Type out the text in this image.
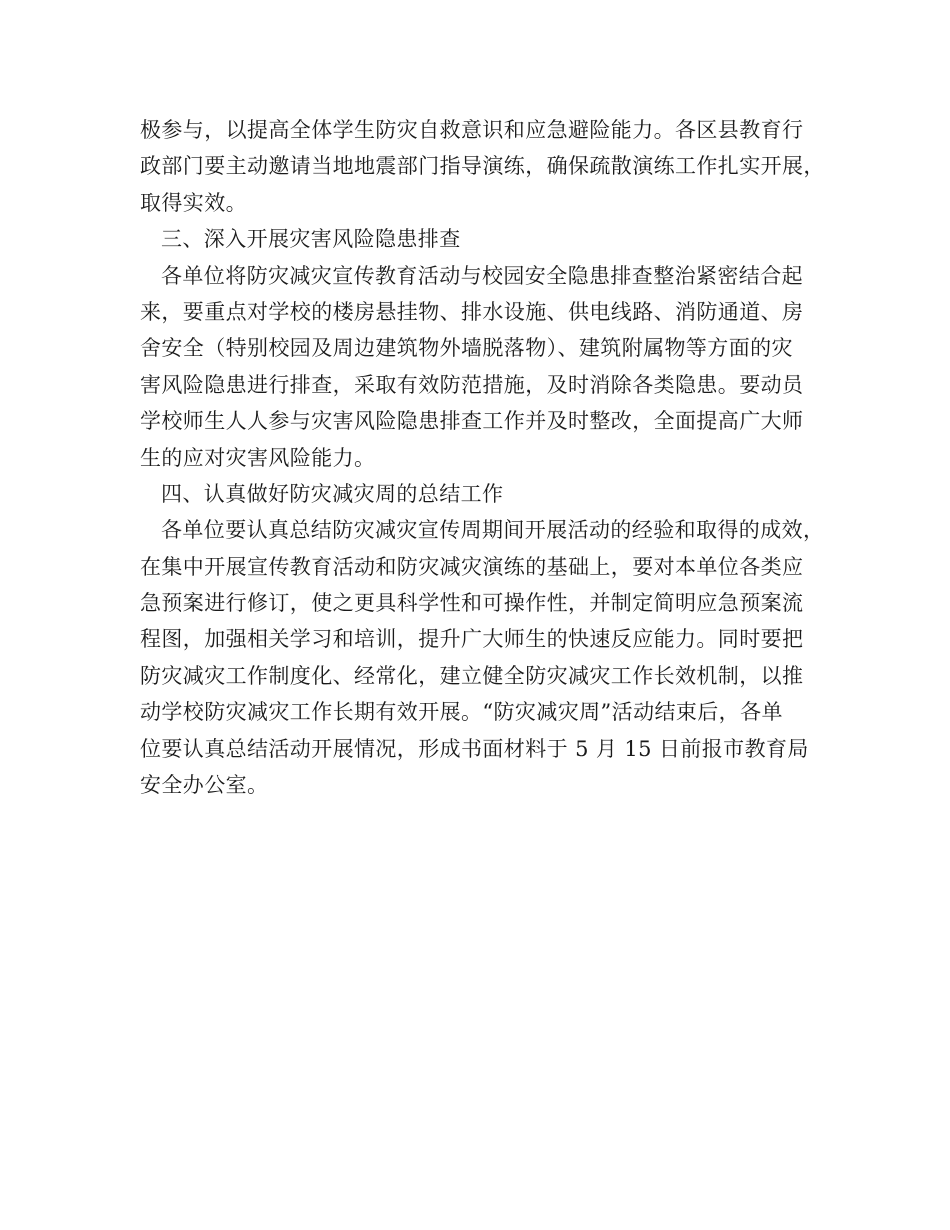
极参与，以提高全体学生防灾自救意识和应急避险能力。各区县教育行
政部门要主动邀请当地地震部门指导演练，确保疏散演练工作扎实开展，
取得实效。
三、深入开展灾害风险隐患排查
各单位将防灾减灾宣传教育活动与校园安全隐患排查整治紧密结合起
来，要重点对学校的楼房悬挂物、排水设施、供电线路、消防通道、房
舍安全（特别校园及周边建筑物外墙脱落物）、建筑附属物等方面的灾
害风险隐患进行排查，采取有效防范措施，及时消除各类隐患。要动员
学校师生人人参与灾害风险隐患排查工作并及时整改，全面提高广大师
生的应对灾害风险能力。
四、认真做好防灾减灾周的总结工作
各单位要认真总结防灾减灾宣传周期间开展活动的经验和取得的成效，
在集中开展宣传教育活动和防灾减灾演练的基础上，要对本单位各类应
急预案进行修订，使之更具科学性和可操作性，并制定简明应急预案流
程图，加强相关学习和培训，提升广大师生的快速反应能力。同时要把
防灾减灾工作制度化、经常化，建立健全防灾减灾工作长效机制，以推
动学校防灾减灾工作长期有效开展。“防灾减灾周”活动结束后，各单
位要认真总结活动开展情况，形成书面材料于 5 月 15 日前报市教育局
安全办公室。
